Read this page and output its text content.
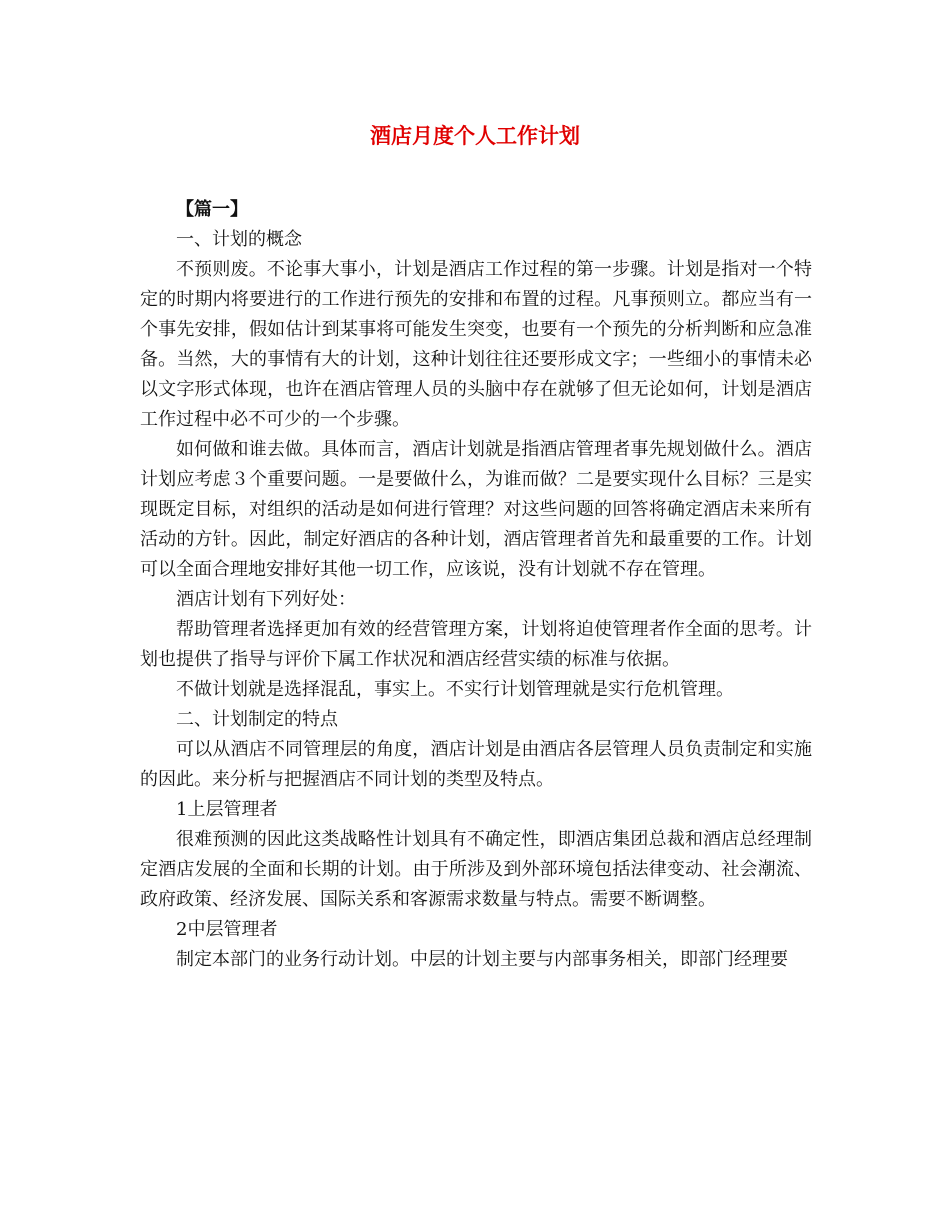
酒店月度个人工作计划

【篇一】

一、计划的概念

不预则废。不论事大事小，计划是酒店工作过程的第一步骤。计划是指对一个特定的时期内将要进行的工作进行预先的安排和布置的过程。凡事预则立。都应当有一个事先安排，假如估计到某事将可能发生突变，也要有一个预先的分析判断和应急准备。当然，大的事情有大的计划，这种计划往往还要形成文字；一些细小的事情未必以文字形式体现，也许在酒店管理人员的头脑中存在就够了但无论如何，计划是酒店工作过程中必不可少的一个步骤。

如何做和谁去做。具体而言，酒店计划就是指酒店管理者事先规划做什么。酒店计划应考虑３个重要问题。一是要做什么，为谁而做？二是要实现什么目标？三是实现既定目标，对组织的活动是如何进行管理？对这些问题的回答将确定酒店未来所有活动的方针。因此，制定好酒店的各种计划，酒店管理者首先和最重要的工作。计划可以全面合理地安排好其他一切工作，应该说，没有计划就不存在管理。

酒店计划有下列好处：

帮助管理者选择更加有效的经营管理方案，计划将迫使管理者作全面的思考。计划也提供了指导与评价下属工作状况和酒店经营实绩的标准与依据。

不做计划就是选择混乱，事实上。不实行计划管理就是实行危机管理。

二、计划制定的特点

可以从酒店不同管理层的角度，酒店计划是由酒店各层管理人员负责制定和实施的因此。来分析与把握酒店不同计划的类型及特点。

1上层管理者

很难预测的因此这类战略性计划具有不确定性，即酒店集团总裁和酒店总经理制定酒店发展的全面和长期的计划。由于所涉及到外部环境包括法律变动、社会潮流、政府政策、经济发展、国际关系和客源需求数量与特点。需要不断调整。

2中层管理者

制定本部门的业务行动计划。中层的计划主要与内部事务相关，即部门经理要
